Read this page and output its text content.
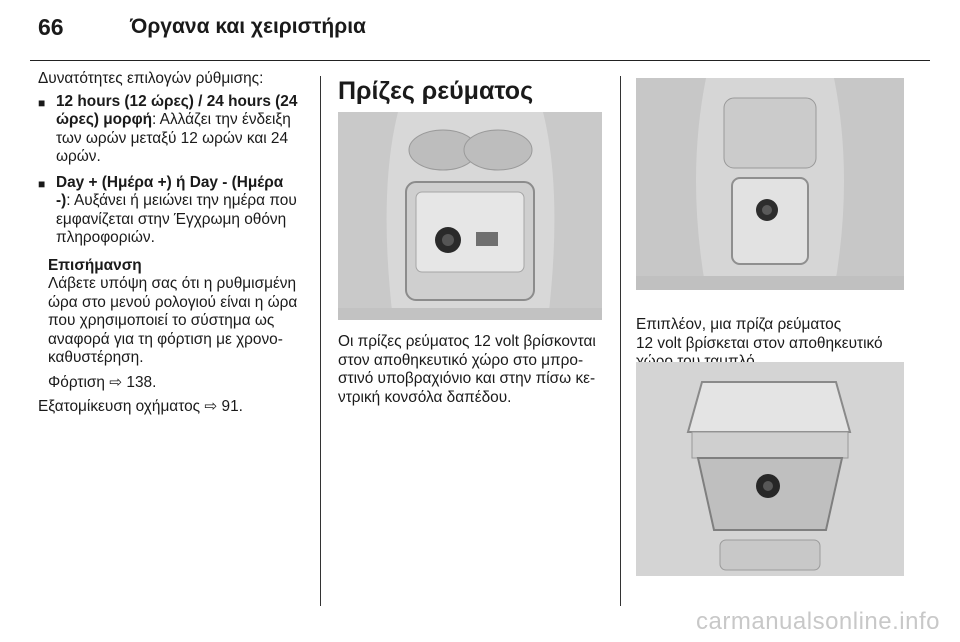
66	Όργανα και χειριστήρια

Δυνατότητες επιλογών ρύθμισης:

■ 12 hours (12 ώρες) / 24 hours (24

ώρες) μορφή: Αλλάζει την ένδειξη

των ωρών μεταξύ 12 ωρών και 24

ωρών.

■ Day + (Ημέρα +) ή Day - (Ημέρα

-): Αυξάνει ή μειώνει την ημέρα που

εμφανίζεται στην Έγχρωμη οθόνη

πληροφοριών.

Επισήμανση

Λάβετε υπόψη σας ότι η ρυθμισμένη

ώρα στο μενού ρολογιού είναι η ώρα

που χρησιμοποιεί το σύστημα ως

αναφορά για τη φόρτιση με χρονο-

καθυστέρηση.

Φόρτιση ⇨ 138.

Εξατομίκευση οχήματος ⇨ 91.

Πρίζες ρεύματος

Οι πρίζες ρεύματος 12 volt βρίσκονται

στον αποθηκευτικό χώρο στο μπρο-

στινό υποβραχιόνιο και στην πίσω κε-

ντρική κονσόλα δαπέδου.

Επιπλέον, μια πρίζα ρεύματος

12 volt βρίσκεται στον αποθηκευτικό

carmanualsonline.info
